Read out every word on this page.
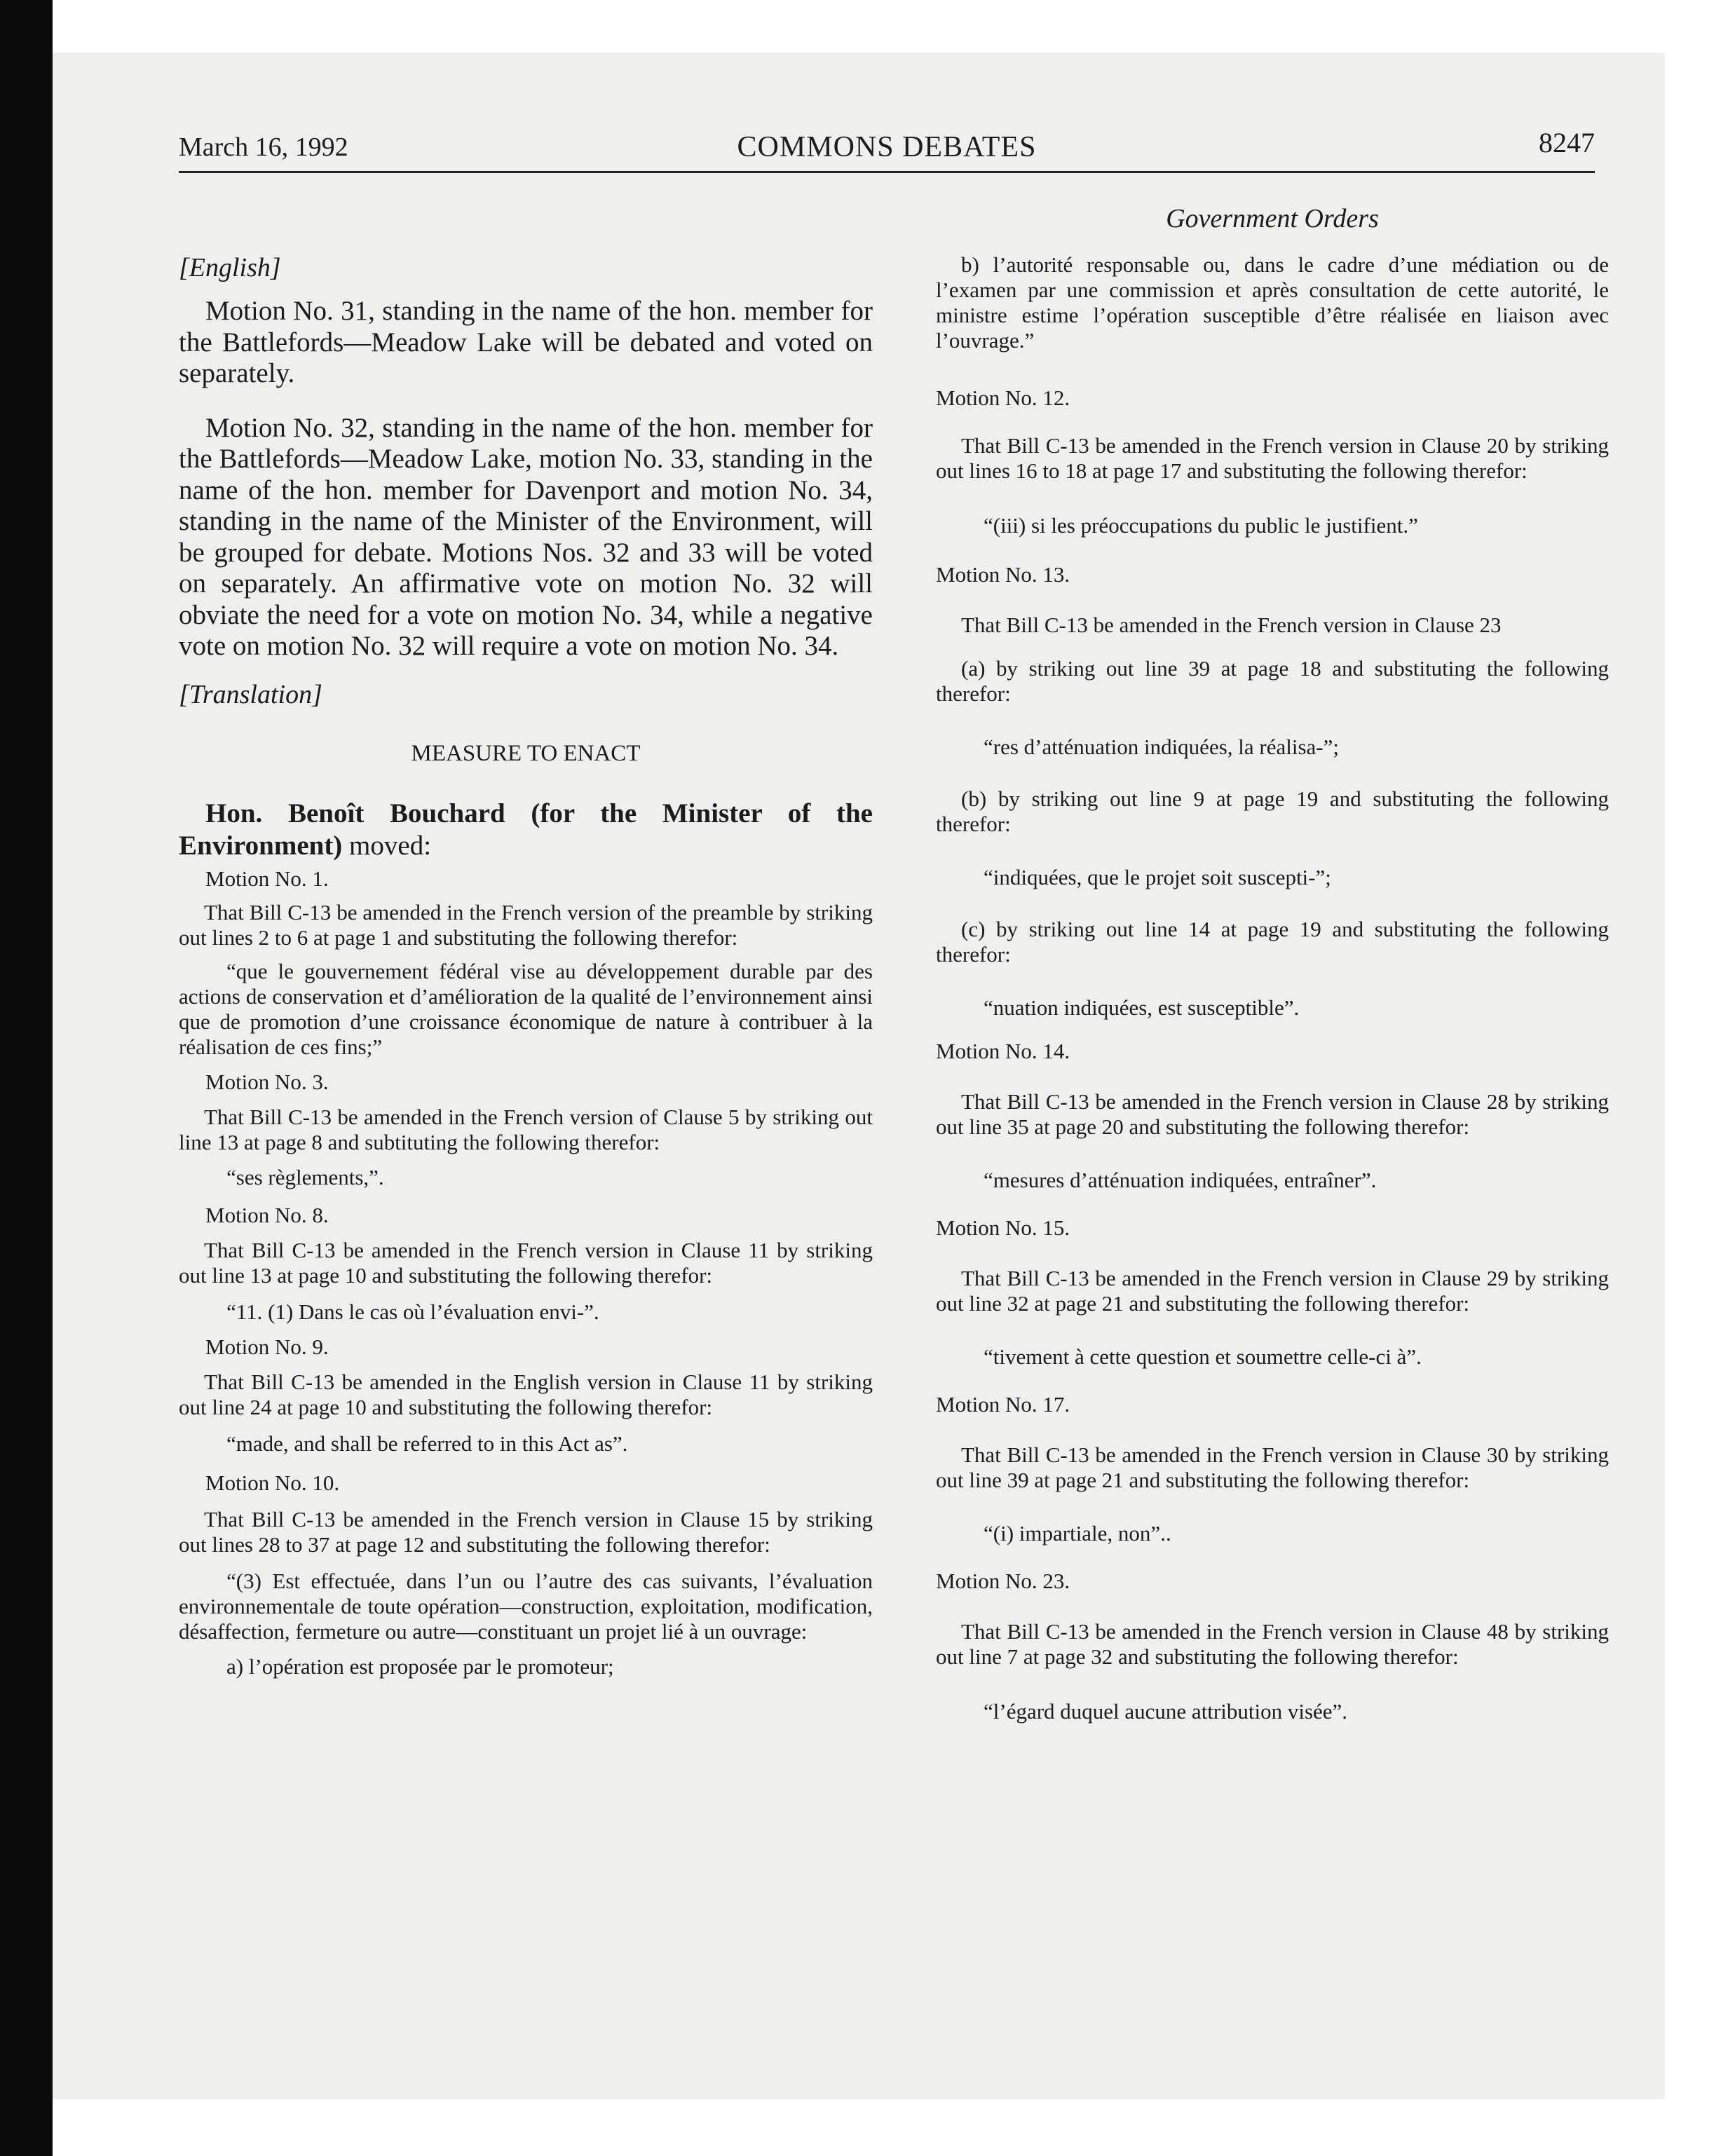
March 16, 1992	COMMONS DEBATES	8247

[English]

Motion No. 31, standing in the name of the hon. member for the Battlefords—Meadow Lake will be debated and voted on separately.

Motion No. 32, standing in the name of the hon. member for the Battlefords—Meadow Lake, motion No. 33, standing in the name of the hon. member for Davenport and motion No. 34, standing in the name of the Minister of the Environment, will be grouped for debate. Motions Nos. 32 and 33 will be voted on separately. An affirmative vote on motion No. 32 will obviate the need for a vote on motion No. 34, while a negative vote on motion No. 32 will require a vote on motion No. 34.

[Translation]

MEASURE TO ENACT

Hon. Benoît Bouchard (for the Minister of the Environment) moved:

Motion No. 1.

That Bill C-13 be amended in the French version of the preamble by striking out lines 2 to 6 at page 1 and substituting the following therefor:

“que le gouvernement fédéral vise au développement durable par des actions de conservation et d’amélioration de la qualité de l’environnement ainsi que de promotion d’une croissance économique de nature à contribuer à la réalisation de ces fins;”

Motion No. 3.

That Bill C-13 be amended in the French version of Clause 5 by striking out line 13 at page 8 and subtituting the following therefor:

“ses règlements,”.

Motion No. 8.

That Bill C-13 be amended in the French version in Clause 11 by striking out line 13 at page 10 and substituting the following therefor:

“11. (1) Dans le cas où l’évaluation envi-”.

Motion No. 9.

That Bill C-13 be amended in the English version in Clause 11 by striking out line 24 at page 10 and substituting the following therefor:

“made, and shall be referred to in this Act as”.

Motion No. 10.

That Bill C-13 be amended in the French version in Clause 15 by striking out lines 28 to 37 at page 12 and substituting the following therefor:

“(3) Est effectuée, dans l’un ou l’autre des cas suivants, l’évaluation environnementale de toute opération—construction, exploitation, modification, désaffection, fermeture ou autre—constituant un projet lié à un ouvrage:

a) l’opération est proposée par le promoteur;

Government Orders

b) l’autorité responsable ou, dans le cadre d’une médiation ou de l’examen par une commission et après consultation de cette autorité, le ministre estime l’opération susceptible d’être réalisée en liaison avec l’ouvrage.”

Motion No. 12.

That Bill C-13 be amended in the French version in Clause 20 by striking out lines 16 to 18 at page 17 and substituting the following therefor:

“(iii) si les préoccupations du public le justifient.”

Motion No. 13.

That Bill C-13 be amended in the French version in Clause 23

(a) by striking out line 39 at page 18 and substituting the following therefor:

“res d’atténuation indiquées, la réalisa-”;

(b) by striking out line 9 at page 19 and substituting the following therefor:

“indiquées, que le projet soit suscepti-”;

(c) by striking out line 14 at page 19 and substituting the following therefor:

“nuation indiquées, est susceptible”.

Motion No. 14.

That Bill C-13 be amended in the French version in Clause 28 by striking out line 35 at page 20 and substituting the following therefor:

“mesures d’atténuation indiquées, entraîner”.

Motion No. 15.

That Bill C-13 be amended in the French version in Clause 29 by striking out line 32 at page 21 and substituting the following therefor:

“tivement à cette question et soumettre celle-ci à”.

Motion No. 17.

That Bill C-13 be amended in the French version in Clause 30 by striking out line 39 at page 21 and substituting the following therefor:

“(i) impartiale, non”..

Motion No. 23.

That Bill C-13 be amended in the French version in Clause 48 by striking out line 7 at page 32 and substituting the following therefor:

“l’égard duquel aucune attribution visée”.
